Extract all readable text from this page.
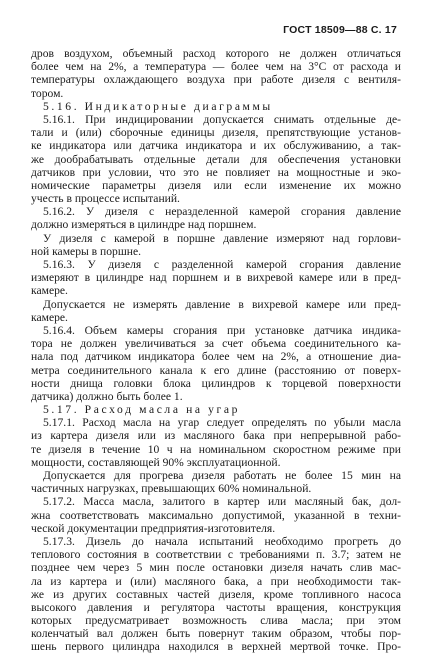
ГОСТ 18509—88 С. 17
дров воздухом, объемный расход которого не должен отличаться
более чем на 2%, а температура — более чем на 3°С от расхода и
температуры охлаждающего воздуха при работе дизеля с вентиля-
тором.
5.16. Индикаторные диаграммы
5.16.1. При индицировании допускается снимать отдельные де-
тали и (или) сборочные единицы дизеля, препятствующие установ-
ке индикатора или датчика индикатора и их обслуживанию, а так-
же дообрабатывать отдельные детали для обеспечения установки
датчиков при условии, что это не повлияет на мощностные и эко-
номические параметры дизеля или если изменение их можно
учесть в процессе испытаний.
5.16.2. У дизеля с неразделенной камерой сгорания давление
должно измеряться в цилиндре над поршнем.
У дизеля с камерой в поршне давление измеряют над горлови-
ной камеры в поршне.
5.16.3. У дизеля с разделенной камерой сгорания давление
измеряют в цилиндре над поршнем и в вихревой камере или в пред-
камере.
Допускается не измерять давление в вихревой камере или пред-
камере.
5.16.4. Объем камеры сгорания при установке датчика индика-
тора не должен увеличиваться за счет объема соединительного ка-
нала под датчиком индикатора более чем на 2%, а отношение диа-
метра соединительного канала к его длине (расстоянию от поверх-
ности днища головки блока цилиндров к торцевой поверхности
датчика) должно быть более 1.
5.17. Расход масла на угар
5.17.1. Расход масла на угар следует определять по убыли масла
из картера дизеля или из масляного бака при непрерывной рабо-
те дизеля в течение 10 ч на номинальном скоростном режиме при
мощности, составляющей 90% эксплуатационной.
Допускается для прогрева дизеля работать не более 15 мин на
частичных нагрузках, превышающих 60% номинальной.
5.17.2. Масса масла, залитого в картер или масляный бак, дол-
жна соответствовать максимально допустимой, указанной в техни-
ческой документации предприятия-изготовителя.
5.17.3. Дизель до начала испытаний необходимо прогреть до
теплового состояния в соответствии с требованиями п. 3.7; затем не
позднее чем через 5 мин после остановки дизеля начать слив мас-
ла из картера и (или) масляного бака, а при необходимости так-
же из других составных частей дизеля, кроме топливного насоса
высокого давления и регулятора частоты вращения, конструкция
которых предусматривает возможность слива масла; при этом
коленчатый вал должен быть повернут таким образом, чтобы пор-
шень первого цилиндра находился в верхней мертвой точке. Про-
